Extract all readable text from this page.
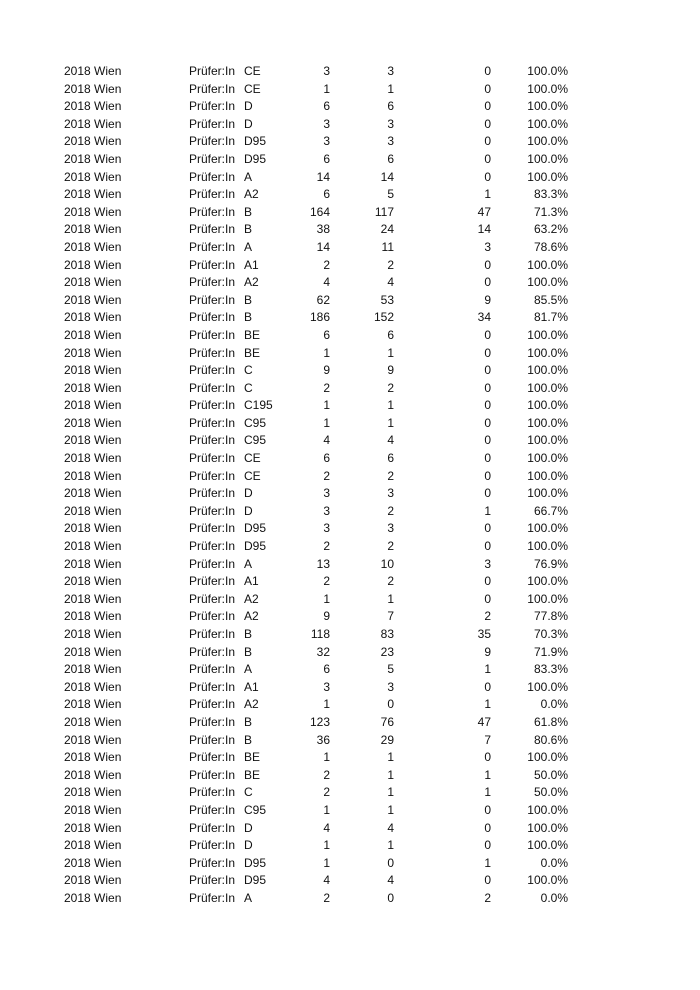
2018 Wien	Prüfer:In CE	3	3	0	100.0%
2018 Wien	Prüfer:In CE	1	1	0	100.0%
2018 Wien	Prüfer:In D	6	6	0	100.0%
2018 Wien	Prüfer:In D	3	3	0	100.0%
2018 Wien	Prüfer:In D95	3	3	0	100.0%
2018 Wien	Prüfer:In D95	6	6	0	100.0%
2018 Wien	Prüfer:In A	14	14	0	100.0%
2018 Wien	Prüfer:In A2	6	5	1	83.3%
2018 Wien	Prüfer:In B	164	117	47	71.3%
2018 Wien	Prüfer:In B	38	24	14	63.2%
2018 Wien	Prüfer:In A	14	11	3	78.6%
2018 Wien	Prüfer:In A1	2	2	0	100.0%
2018 Wien	Prüfer:In A2	4	4	0	100.0%
2018 Wien	Prüfer:In B	62	53	9	85.5%
2018 Wien	Prüfer:In B	186	152	34	81.7%
2018 Wien	Prüfer:In BE	6	6	0	100.0%
2018 Wien	Prüfer:In BE	1	1	0	100.0%
2018 Wien	Prüfer:In C	9	9	0	100.0%
2018 Wien	Prüfer:In C	2	2	0	100.0%
2018 Wien	Prüfer:In C195	1	1	0	100.0%
2018 Wien	Prüfer:In C95	1	1	0	100.0%
2018 Wien	Prüfer:In C95	4	4	0	100.0%
2018 Wien	Prüfer:In CE	6	6	0	100.0%
2018 Wien	Prüfer:In CE	2	2	0	100.0%
2018 Wien	Prüfer:In D	3	3	0	100.0%
2018 Wien	Prüfer:In D	3	2	1	66.7%
2018 Wien	Prüfer:In D95	3	3	0	100.0%
2018 Wien	Prüfer:In D95	2	2	0	100.0%
2018 Wien	Prüfer:In A	13	10	3	76.9%
2018 Wien	Prüfer:In A1	2	2	0	100.0%
2018 Wien	Prüfer:In A2	1	1	0	100.0%
2018 Wien	Prüfer:In A2	9	7	2	77.8%
2018 Wien	Prüfer:In B	118	83	35	70.3%
2018 Wien	Prüfer:In B	32	23	9	71.9%
2018 Wien	Prüfer:In A	6	5	1	83.3%
2018 Wien	Prüfer:In A1	3	3	0	100.0%
2018 Wien	Prüfer:In A2	1	0	1	0.0%
2018 Wien	Prüfer:In B	123	76	47	61.8%
2018 Wien	Prüfer:In B	36	29	7	80.6%
2018 Wien	Prüfer:In BE	1	1	0	100.0%
2018 Wien	Prüfer:In BE	2	1	1	50.0%
2018 Wien	Prüfer:In C	2	1	1	50.0%
2018 Wien	Prüfer:In C95	1	1	0	100.0%
2018 Wien	Prüfer:In D	4	4	0	100.0%
2018 Wien	Prüfer:In D	1	1	0	100.0%
2018 Wien	Prüfer:In D95	1	0	1	0.0%
2018 Wien	Prüfer:In D95	4	4	0	100.0%
2018 Wien	Prüfer:In A	2	0	2	0.0%
